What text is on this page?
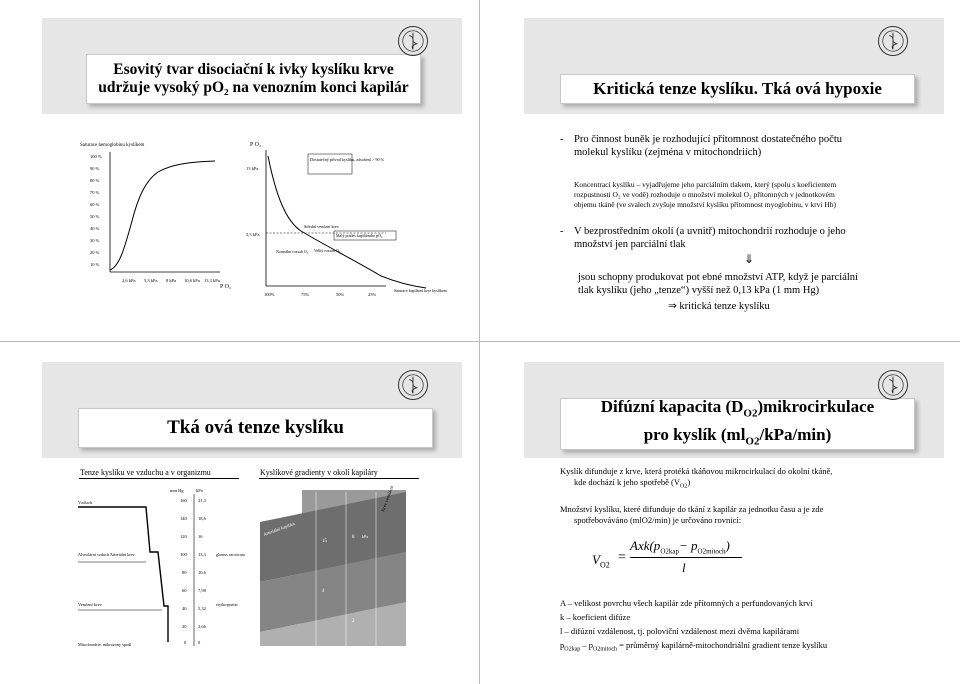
Esovitý tvar disociační k ivky kyslíku krve
udržuje vysoký pO₂ na venozním konci kapilár
Saturace hemoglobinu kyslíkem
100 %
90 %
80 %
70 %
60 %
50 %
40 %
30 %
20 %
10 %
2,6 kPa 5,3 kPa 8 kPa 10,6 kPa 13,3 kPa
P O₂
P O₂
13 kPa
5,3 kPa
Dostatečný přívod kyslíku, zásobení > 90 %
Střední venózní krev
Malý pokles kapilárního pO₂
Normální rozsah O₂ Velký rozsah O₂
100%	75%	50%	25%
Saturace kapilární krve kyslíkem
Kritická tenze kyslíku. Tká ová hypoxie
- Pro činnost buněk je rozhodující přítomnost dostatečného počtu
molekul kyslíku (zejména v mitochondriích)
Koncentraci kyslíku – vyjadřujeme jeho parciálním tlakem, který (spolu s koeficientem
rozpustnosti O₂ ve vodě) rozhoduje o množství molekul O₂ přítomných v jednotkovém
objemu tkáně (ve svalech zvyšuje množství kyslíku přítomnost myoglobinu, v krvi Hb)
- V bezprostředním okolí (a uvnitř) mitochondrií rozhoduje o jeho
množství jen parciální tlak
⇓
jsou schopny produkovat pot ebné množství ATP, když je parciální
tlak kyslíku (jeho „tenze“) vyšší než 0,13 kPa (1 mm Hg)
⇒ kritická tenze kyslíku
Tká ová tenze kyslíku
Tenze kyslíku ve vzduchu a v organizmu	Kyslíkové gradienty v okolí kapiláry
mm Hg	kPa
160
140
120
100
80
60
40
20
0
21,3
18,6
16
13,3
10,6
7,98
5,32
2,66
0
Vzduch
Alveolární vzduch Arteriální krev
Venózní krev
Mitochondrie, mikrozony spodí
glomus caroticum
erythropoetin
Arteriální kapilára
Krev venulární
15
8
4
2
kPa
Difúzní kapacita $(D_{O2})mikrocirkulace$
pro kyslík $(ml_{O2}/kPa/\min)$
Kyslík difunduje z krve, která protéká tkáňovou mikrocirkulací do okolní tkáně,
kde dochází k jeho spotřebě $(V_{O2})$
Množství kyslíku, které difunduje do tkání z kapilár za jednotku času a je zde
spotřebováváno (mlO2/min) je určováno rovnicí:
$V_{O2}$
=
$Axk(p_{O2kap}- p_{O2mitoch})$
l
A – velikost povrchu všech kapilár zde přítomných a perfundovaných krví
k – koeficient difúze
l – difúzní vzdálenost, tj. poloviční vzdálenost mezi dvěma kapilárami
$p_{O2kap} - p_{O2mitoch}$ = průměrný kapilárně-mitochondriální gradient tenze kyslíku
